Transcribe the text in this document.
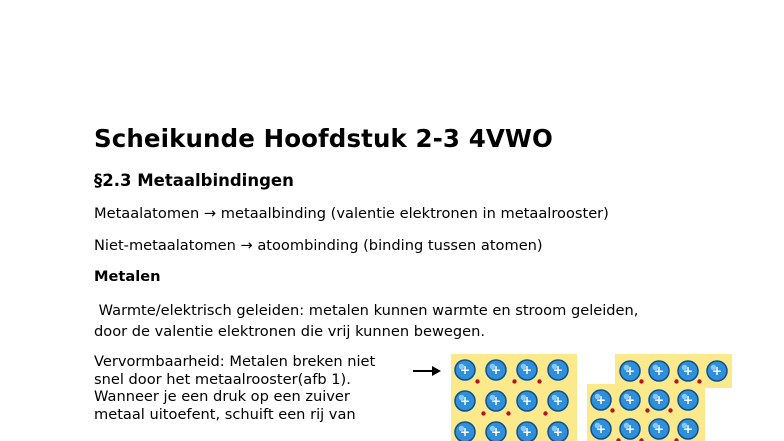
Scheikunde Hoofdstuk 2-3 4VWO
§2.3 Metaalbindingen
Metaalatomen → metaalbinding (valentie elektronen in metaalrooster)
Niet-metaalatomen → atoombinding (binding tussen atomen)
Metalen
Warmte/elektrisch geleiden: metalen kunnen warmte en stroom geleiden,
door de valentie elektronen die vrij kunnen bewegen.
Vervormbaarheid: Metalen breken niet
snel door het metaalrooster(afb 1).
Wanneer je een druk op een zuiver
metaal uitoefent, schuift een rij van
+ + + +
+ + + +
+ + + +
+ + + +
+ + + +
+ + + +
